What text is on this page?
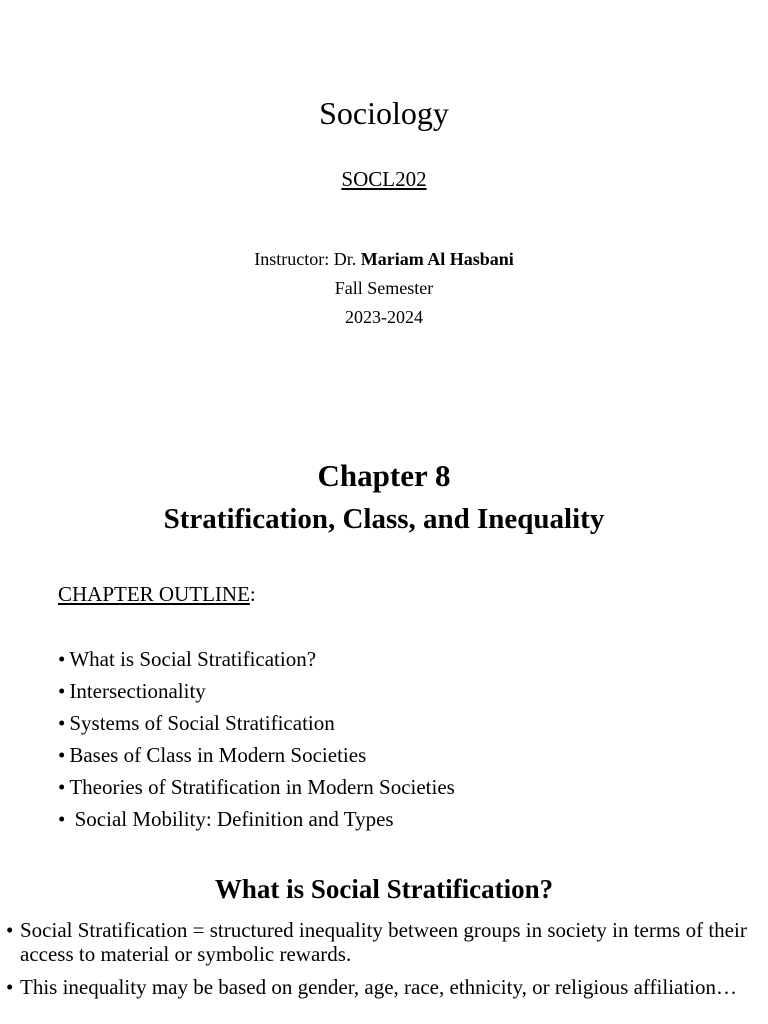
Sociology
SOCL202
Instructor: Dr. Mariam Al Hasbani
Fall Semester
2023-2024
Chapter 8
Stratification, Class, and Inequality
CHAPTER OUTLINE:
• What is Social Stratification?
• Intersectionality
• Systems of Social Stratification
• Bases of Class in Modern Societies
• Theories of Stratification in Modern Societies
• Social Mobility: Definition and Types
What is Social Stratification?
• Social Stratification = structured inequality between groups in society in terms of their access to material or symbolic rewards.
• This inequality may be based on gender, age, race, ethnicity, or religious affiliation…
